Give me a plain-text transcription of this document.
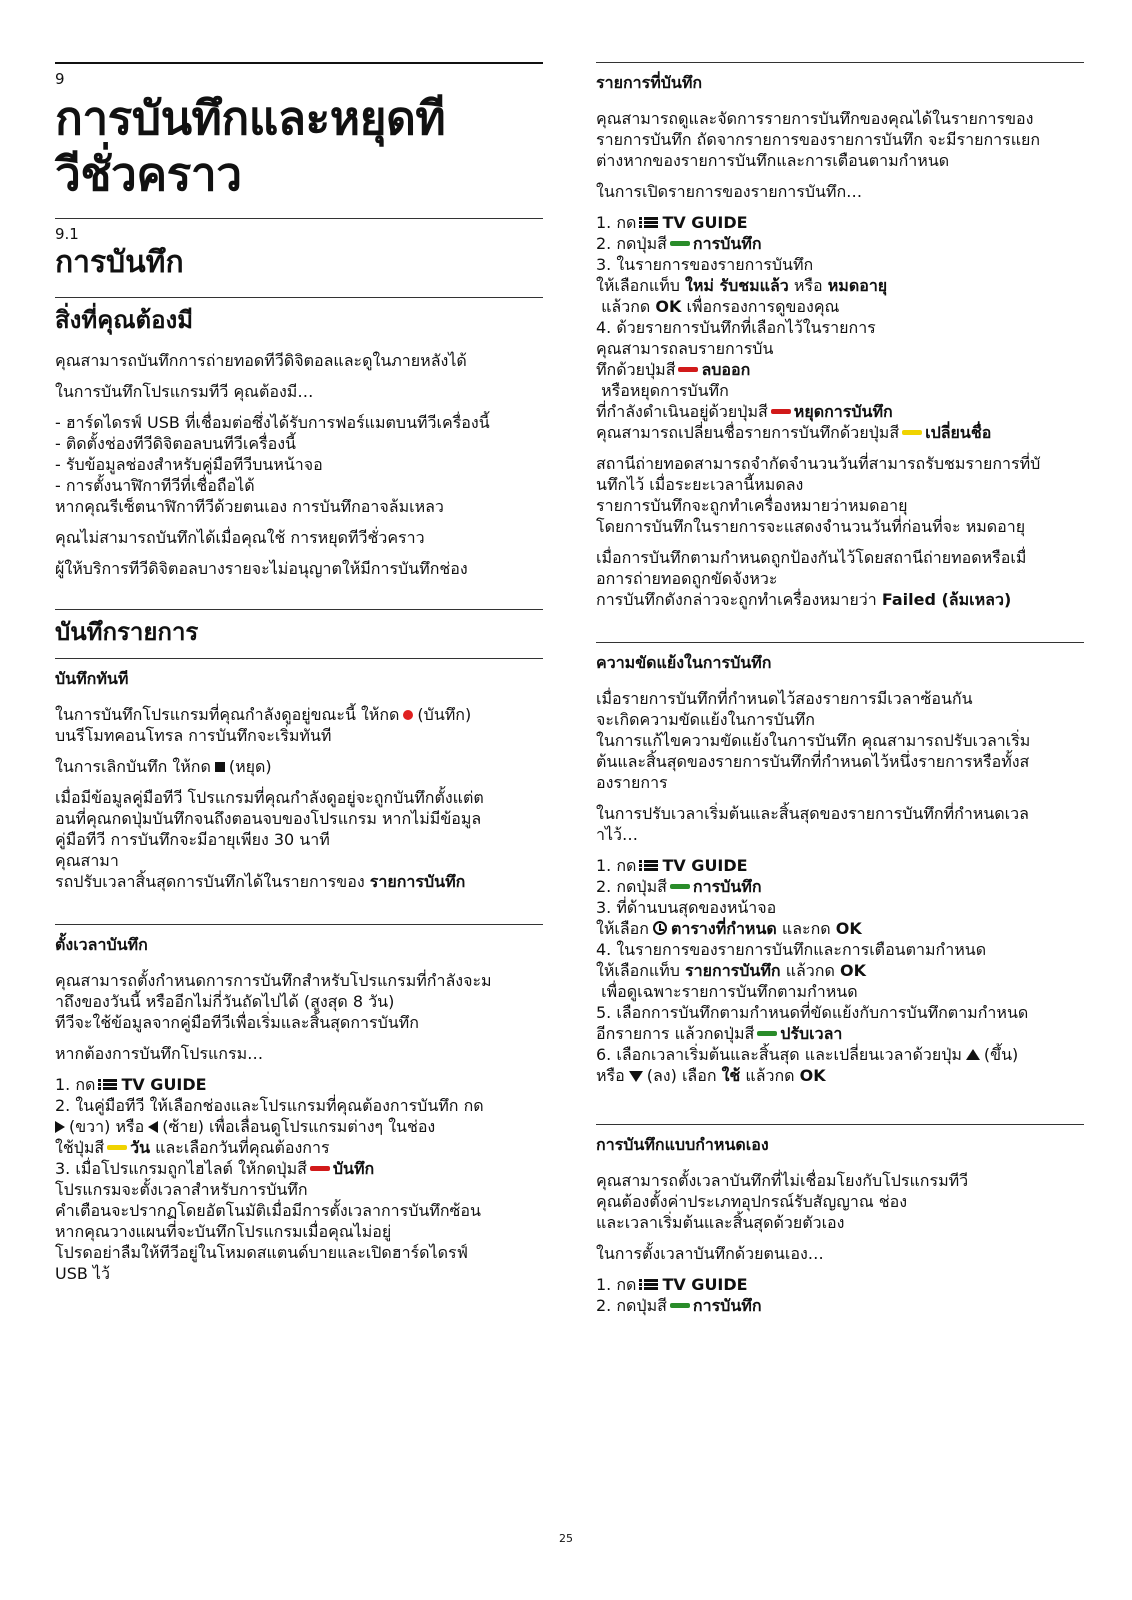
9
การบันทึกและหยุดที
วีชั่วคราว
9.1
การบันทึก
สิ่งที่คุณต้องมี

คุณสามารถบันทึกการถ่ายทอดทีวีดิจิตอลและดูในภายหลังได้

ในการบันทึกโปรแกรมทีวี คุณต้องมี…

- ฮาร์ดไดรฟ์ USB ที่เชื่อมต่อซึ่งได้รับการฟอร์แมตบนทีวีเครื่องนี้
- ติดตั้งช่องทีวีดิจิตอลบนทีวีเครื่องนี้
- รับข้อมูลช่องสำหรับคู่มือทีวีบนหน้าจอ
- การตั้งนาฬิกาทีวีที่เชื่อถือได้
หากคุณรีเซ็ตนาฬิกาทีวีด้วยตนเอง การบันทึกอาจล้มเหลว

คุณไม่สามารถบันทึกได้เมื่อคุณใช้ การหยุดทีวีชั่วคราว

ผู้ให้บริการทีวีดิจิตอลบางรายจะไม่อนุญาตให้มีการบันทึกช่อง

บันทึกรายการ
บันทึกทันที
ในการบันทึกโปรแกรมที่คุณกำลังดูอยู่ขณะนี้ ให้กด (บันทึก)
บนรีโมทคอนโทรล การบันทึกจะเริ่มทันที
ในการเลิกบันทึก ให้กด (หยุด)
เมื่อมีข้อมูลคู่มือทีวี โปรแกรมที่คุณกำลังดูอยู่จะถูกบันทึกตั้งแต่ต
อนที่คุณกดปุ่มบันทึกจนถึงตอนจบของโปรแกรม หากไม่มีข้อมูล
คู่มือทีวี การบันทึกจะมีอายุเพียง 30 นาที
คุณสามา
รถปรับเวลาสิ้นสุดการบันทึกได้ในรายการของ รายการบันทึก
ตั้งเวลาบันทึก
คุณสามารถตั้งกำหนดการการบันทึกสำหรับโปรแกรมที่กำลังจะม
าถึงของวันนี้ หรืออีกไม่กี่วันถัดไปได้ (สูงสุด 8 วัน)
ทีวีจะใช้ข้อมูลจากคู่มือทีวีเพื่อเริ่มและสิ้นสุดการบันทึก

หากต้องการบันทึกโปรแกรม…

1. กด TV GUIDE
2. ในคู่มือทีวี ให้เลือกช่องและโปรแกรมที่คุณต้องการบันทึก กด
(ขวา) หรือ (ซ้าย) เพื่อเลื่อนดูโปรแกรมต่างๆ ในช่อง
ใช้ปุ่มสี วัน และเลือกวันที่คุณต้องการ
3. เมื่อโปรแกรมถูกไฮไลต์ ให้กดปุ่มสี บันทึก
โปรแกรมจะตั้งเวลาสำหรับการบันทึก
คำเตือนจะปรากฏโดยอัตโนมัติเมื่อมีการตั้งเวลาการบันทึกซ้อน
หากคุณวางแผนที่จะบันทึกโปรแกรมเมื่อคุณไม่อยู่
โปรดอย่าลืมให้ทีวีอยู่ในโหมดสแตนด์บายและเปิดฮาร์ดไดรฟ์
USB ไว้
รายการที่บันทึก
คุณสามารถดูและจัดการรายการบันทึกของคุณได้ในรายการของ
รายการบันทึก ถัดจากรายการของรายการบันทึก จะมีรายการแยก
ต่างหากของรายการบันทึกและการเตือนตามกำหนด

ในการเปิดรายการของรายการบันทึก…

1. กด TV GUIDE
2. กดปุ่มสี การบันทึก
3. ในรายการของรายการบันทึก
ให้เลือกแท็บ ใหม่ รับชมแล้ว หรือ หมดอายุ
แล้วกด OK เพื่อกรองการดูของคุณ
4. ด้วยรายการบันทึกที่เลือกไว้ในรายการ
คุณสามารถลบรายการบัน
ทึกด้วยปุ่มสี ลบออก
หรือหยุดการบันทึก
ที่กำลังดำเนินอยู่ด้วยปุ่มสี หยุดการบันทึก
คุณสามารถเปลี่ยนชื่อรายการบันทึกด้วยปุ่มสี เปลี่ยนชื่อ
สถานีถ่ายทอดสามารถจำกัดจำนวนวันที่สามารถรับชมรายการที่บั
นทึกไว้ เมื่อระยะเวลานี้หมดลง
รายการบันทึกจะถูกทำเครื่องหมายว่าหมดอายุ
โดยการบันทึกในรายการจะแสดงจำนวนวันที่ก่อนที่จะ หมดอายุ
เมื่อการบันทึกตามกำหนดถูกป้องกันไว้โดยสถานีถ่ายทอดหรือเมื่
อการถ่ายทอดถูกขัดจังหวะ
การบันทึกดังกล่าวจะถูกทำเครื่องหมายว่า Failed (ล้มเหลว)
ความขัดแย้งในการบันทึก
เมื่อรายการบันทึกที่กำหนดไว้สองรายการมีเวลาซ้อนกัน
จะเกิดความขัดแย้งในการบันทึก
ในการแก้ไขความขัดแย้งในการบันทึก คุณสามารถปรับเวลาเริ่ม
ต้นและสิ้นสุดของรายการบันทึกที่กำหนดไว้หนึ่งรายการหรือทั้งส
องรายการ
ในการปรับเวลาเริ่มต้นและสิ้นสุดของรายการบันทึกที่กำหนดเวล
าไว้…
1. กด TV GUIDE
2. กดปุ่มสี การบันทึก
3. ที่ด้านบนสุดของหน้าจอ
ให้เลือก ตารางที่กำหนด และกด OK
4. ในรายการของรายการบันทึกและการเตือนตามกำหนด
ให้เลือกแท็บ รายการบันทึก แล้วกด OK
เพื่อดูเฉพาะรายการบันทึกตามกำหนด
5. เลือกการบันทึกตามกำหนดที่ขัดแย้งกับการบันทึกตามกำหนด
อีกรายการ แล้วกดปุ่มสี ปรับเวลา
6. เลือกเวลาเริ่มต้นและสิ้นสุด และเปลี่ยนเวลาด้วยปุ่ม (ขึ้น)
หรือ (ลง) เลือก ใช้ แล้วกด OK
การบันทึกแบบกำหนดเอง
คุณสามารถตั้งเวลาบันทึกที่ไม่เชื่อมโยงกับโปรแกรมทีวี
คุณต้องตั้งค่าประเภทอุปกรณ์รับสัญญาณ ช่อง
และเวลาเริ่มต้นและสิ้นสุดด้วยตัวเอง

ในการตั้งเวลาบันทึกด้วยตนเอง…

1. กด TV GUIDE
2. กดปุ่มสี การบันทึก
25
